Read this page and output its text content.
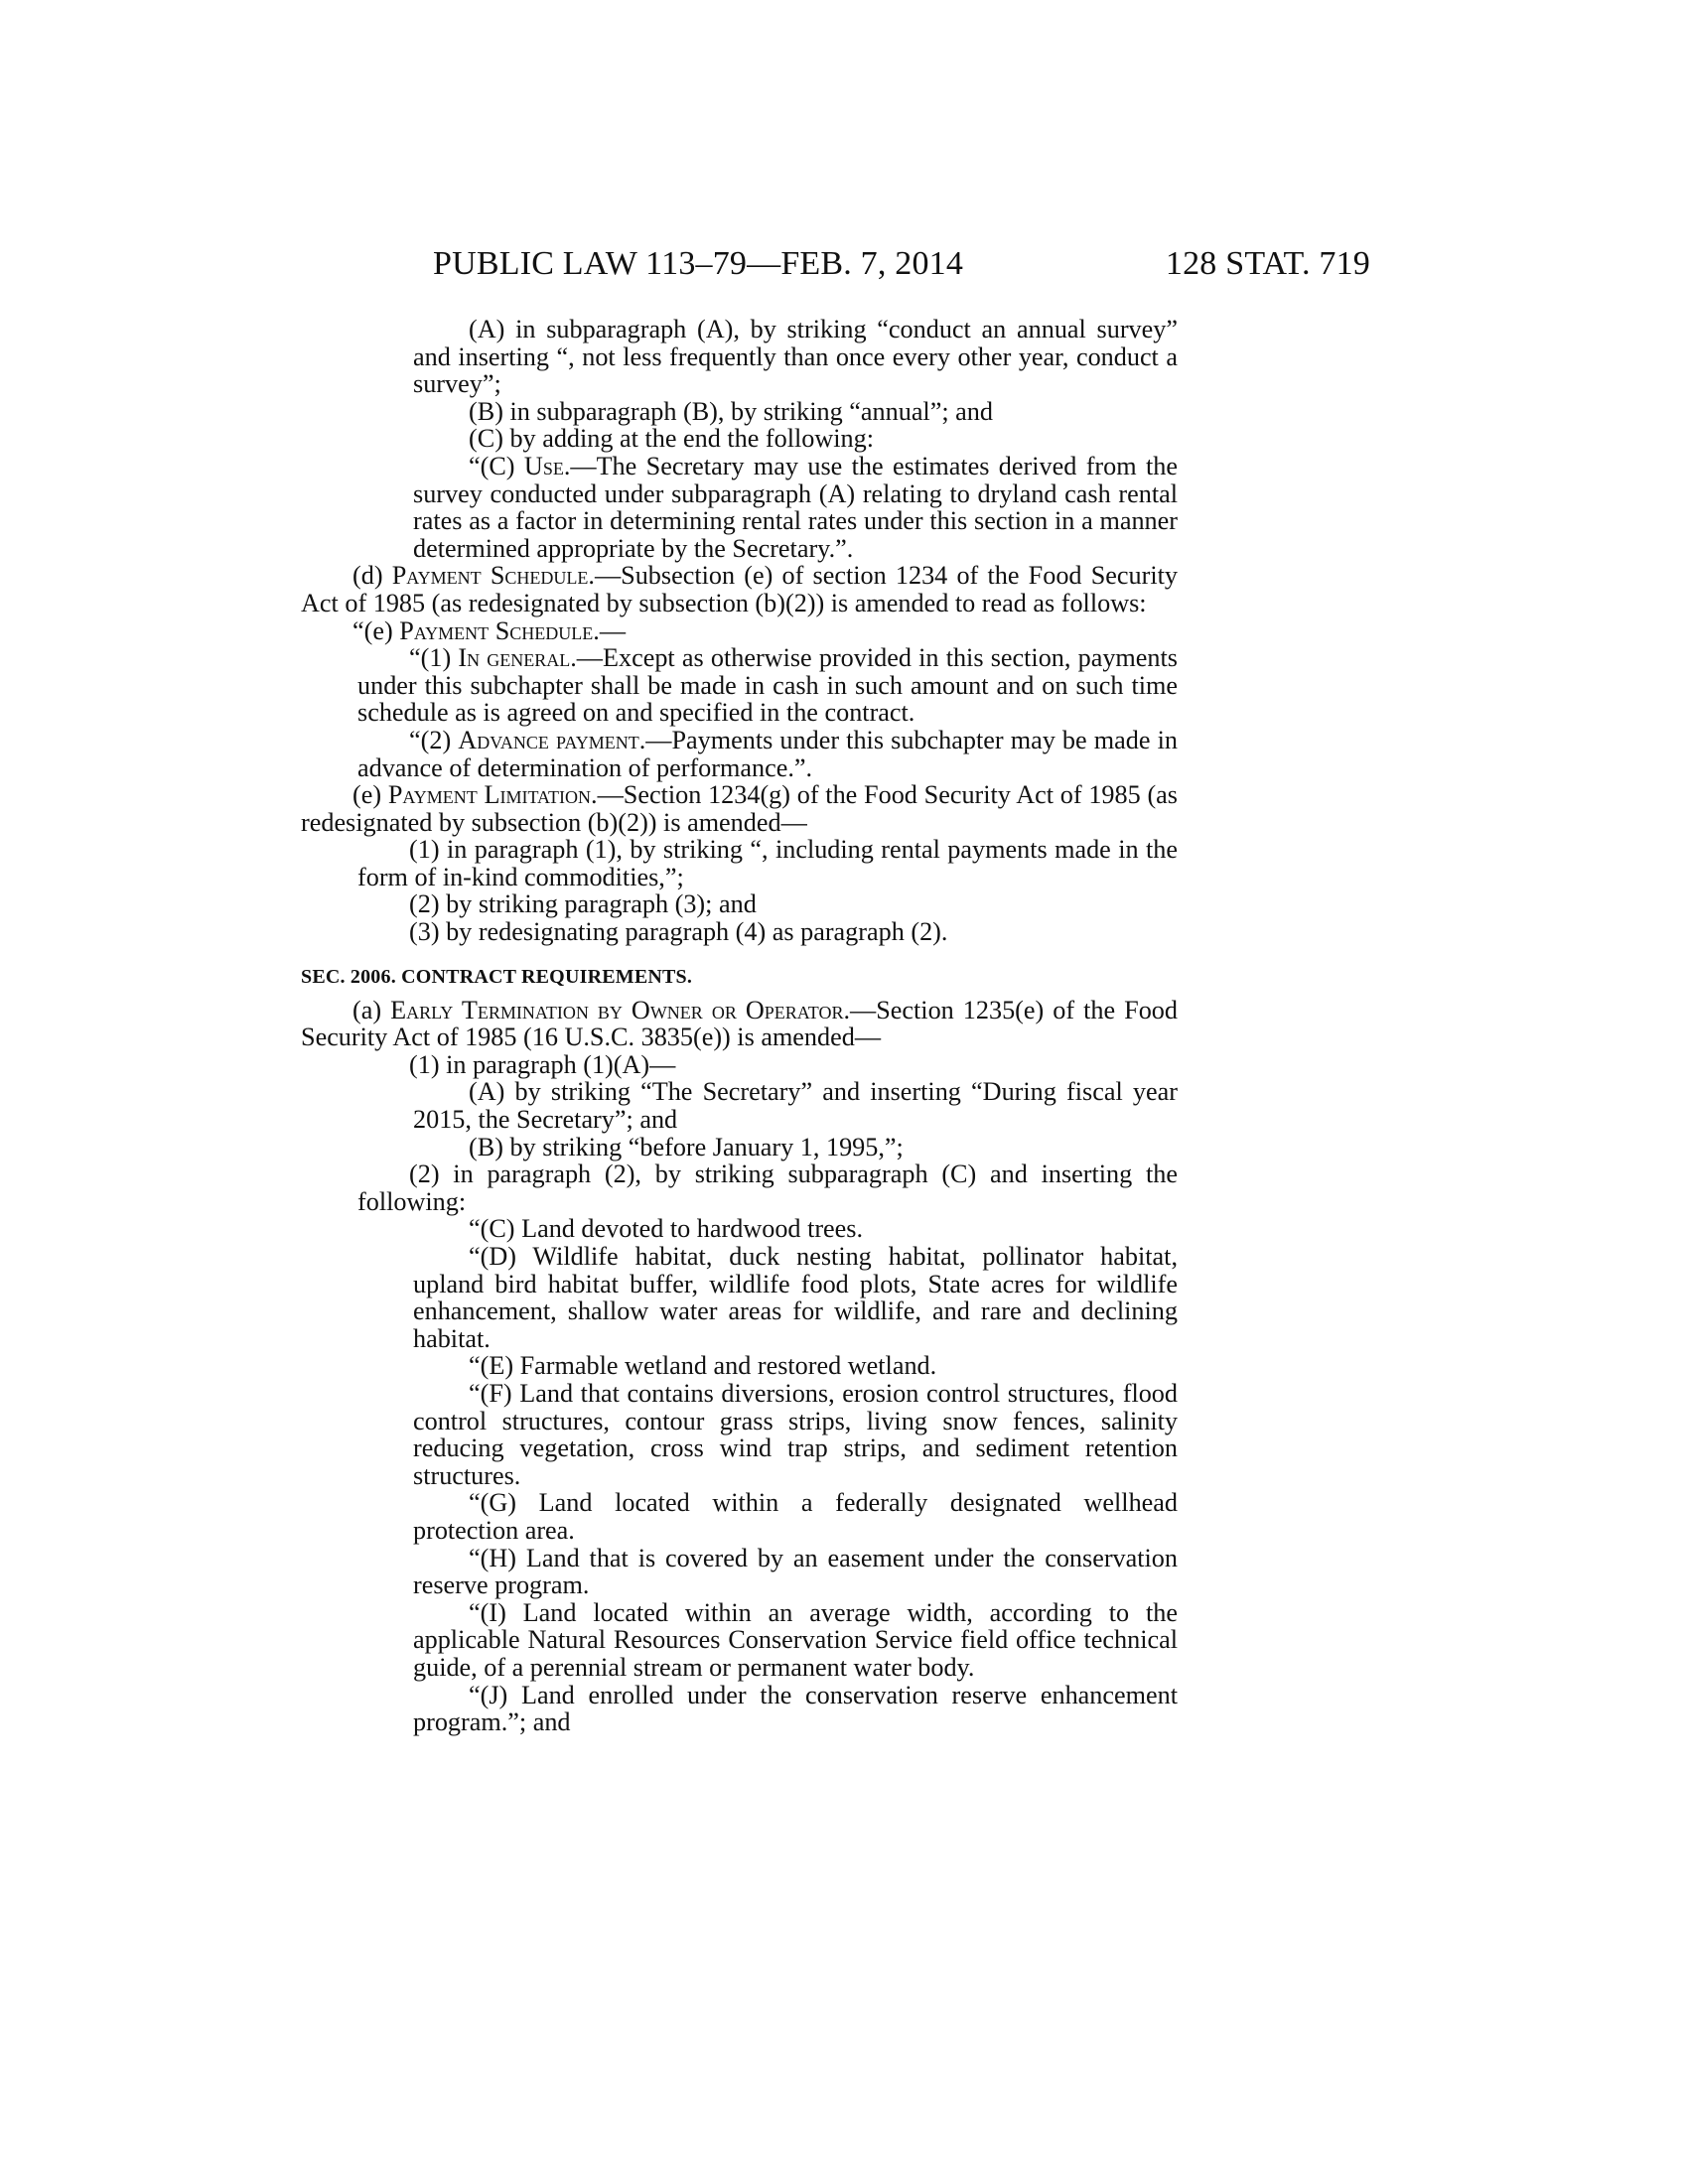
PUBLIC LAW 113–79—FEB. 7, 2014	128 STAT. 719

(A) in subparagraph (A), by striking “conduct an annual survey” and inserting “, not less frequently than once every other year, conduct a survey”;

(B) in subparagraph (B), by striking “annual”; and

(C) by adding at the end the following:

“(C) Use.—The Secretary may use the estimates derived from the survey conducted under subparagraph (A) relating to dryland cash rental rates as a factor in determining rental rates under this section in a manner determined appropriate by the Secretary.”.

(d) Payment Schedule.—Subsection (e) of section 1234 of the Food Security Act of 1985 (as redesignated by subsection (b)(2)) is amended to read as follows:

“(e) Payment Schedule.—

“(1) In general.—Except as otherwise provided in this section, payments under this subchapter shall be made in cash in such amount and on such time schedule as is agreed on and specified in the contract.

“(2) Advance payment.—Payments under this subchapter may be made in advance of determination of performance.”.

(e) Payment Limitation.—Section 1234(g) of the Food Security Act of 1985 (as redesignated by subsection (b)(2)) is amended—

(1) in paragraph (1), by striking “, including rental payments made in the form of in-kind commodities,”;

(2) by striking paragraph (3); and

(3) by redesignating paragraph (4) as paragraph (2).

SEC. 2006. CONTRACT REQUIREMENTS.

(a) Early Termination by Owner or Operator.—Section 1235(e) of the Food Security Act of 1985 (16 U.S.C. 3835(e)) is amended—

(1) in paragraph (1)(A)—

(A) by striking “The Secretary” and inserting “During fiscal year 2015, the Secretary”; and

(B) by striking “before January 1, 1995,”;

(2) in paragraph (2), by striking subparagraph (C) and inserting the following:

“(C) Land devoted to hardwood trees.

“(D) Wildlife habitat, duck nesting habitat, pollinator habitat, upland bird habitat buffer, wildlife food plots, State acres for wildlife enhancement, shallow water areas for wildlife, and rare and declining habitat.

“(E) Farmable wetland and restored wetland.

“(F) Land that contains diversions, erosion control structures, flood control structures, contour grass strips, living snow fences, salinity reducing vegetation, cross wind trap strips, and sediment retention structures.

“(G) Land located within a federally designated wellhead protection area.

“(H) Land that is covered by an easement under the conservation reserve program.

“(I) Land located within an average width, according to the applicable Natural Resources Conservation Service field office technical guide, of a perennial stream or permanent water body.

“(J) Land enrolled under the conservation reserve enhancement program.”; and
